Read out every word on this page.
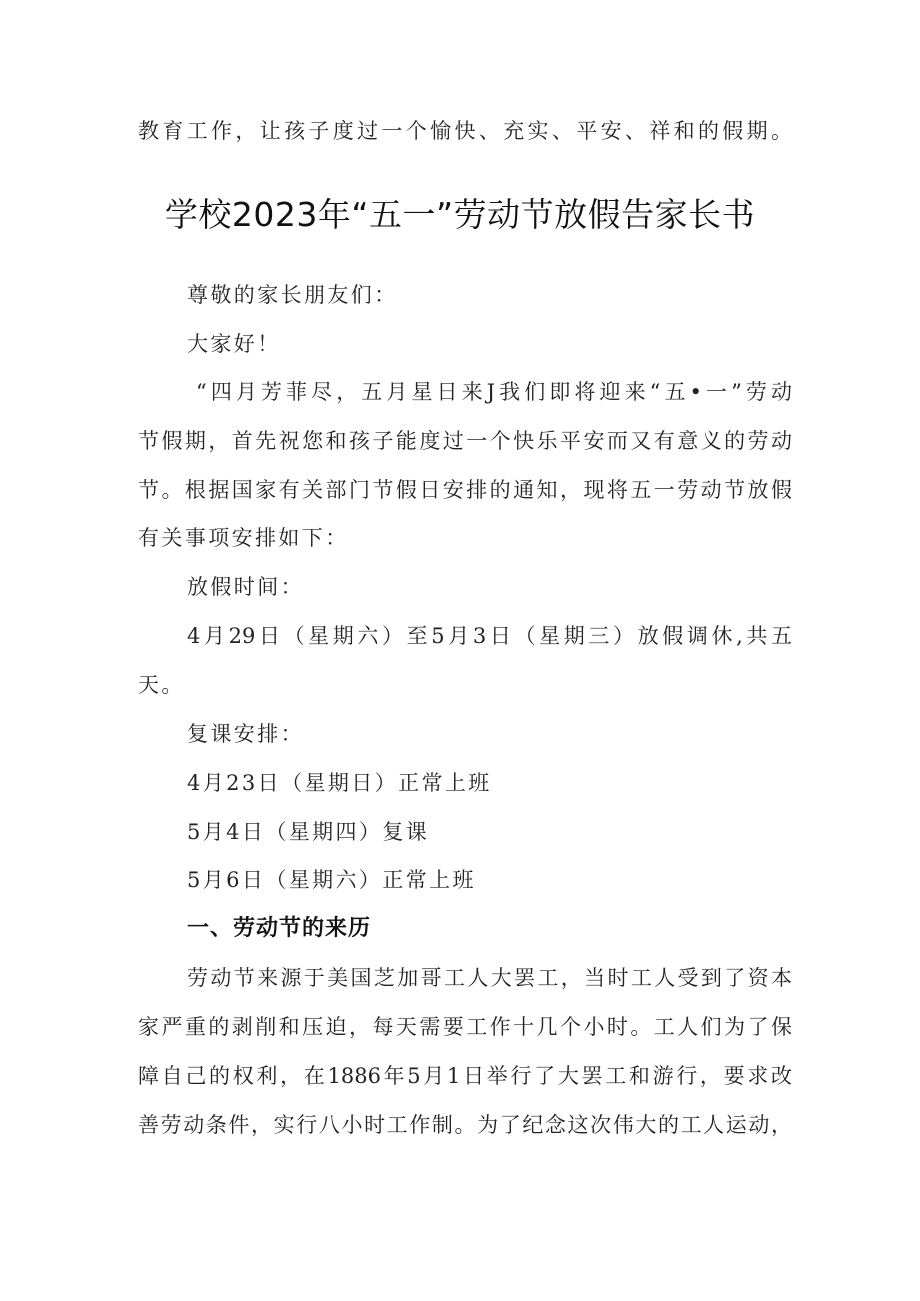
教育工作，让孩子度过一个愉快、充实、平安、祥和的假期。
学校2023年“五一”劳动节放假告家长书
尊敬的家长朋友们：
大家好！
“四月芳菲尽，五月星日来J我们即将迎来“五•一”劳动
节假期，首先祝您和孩子能度过一个快乐平安而又有意义的劳动
节。根据国家有关部门节假日安排的通知，现将五一劳动节放假
有关事项安排如下：
放假时间：
4月29日（星期六）至5月3日（星期三）放假调休,共五
天。
复课安排：
4月23日（星期日）正常上班
5月4日（星期四）复课
5月6日（星期六）正常上班
一、劳动节的来历
劳动节来源于美国芝加哥工人大罢工，当时工人受到了资本
家严重的剥削和压迫，每天需要工作十几个小时。工人们为了保
障自己的权利，在1886年5月1日举行了大罢工和游行，要求改
善劳动条件，实行八小时工作制。为了纪念这次伟大的工人运动，
